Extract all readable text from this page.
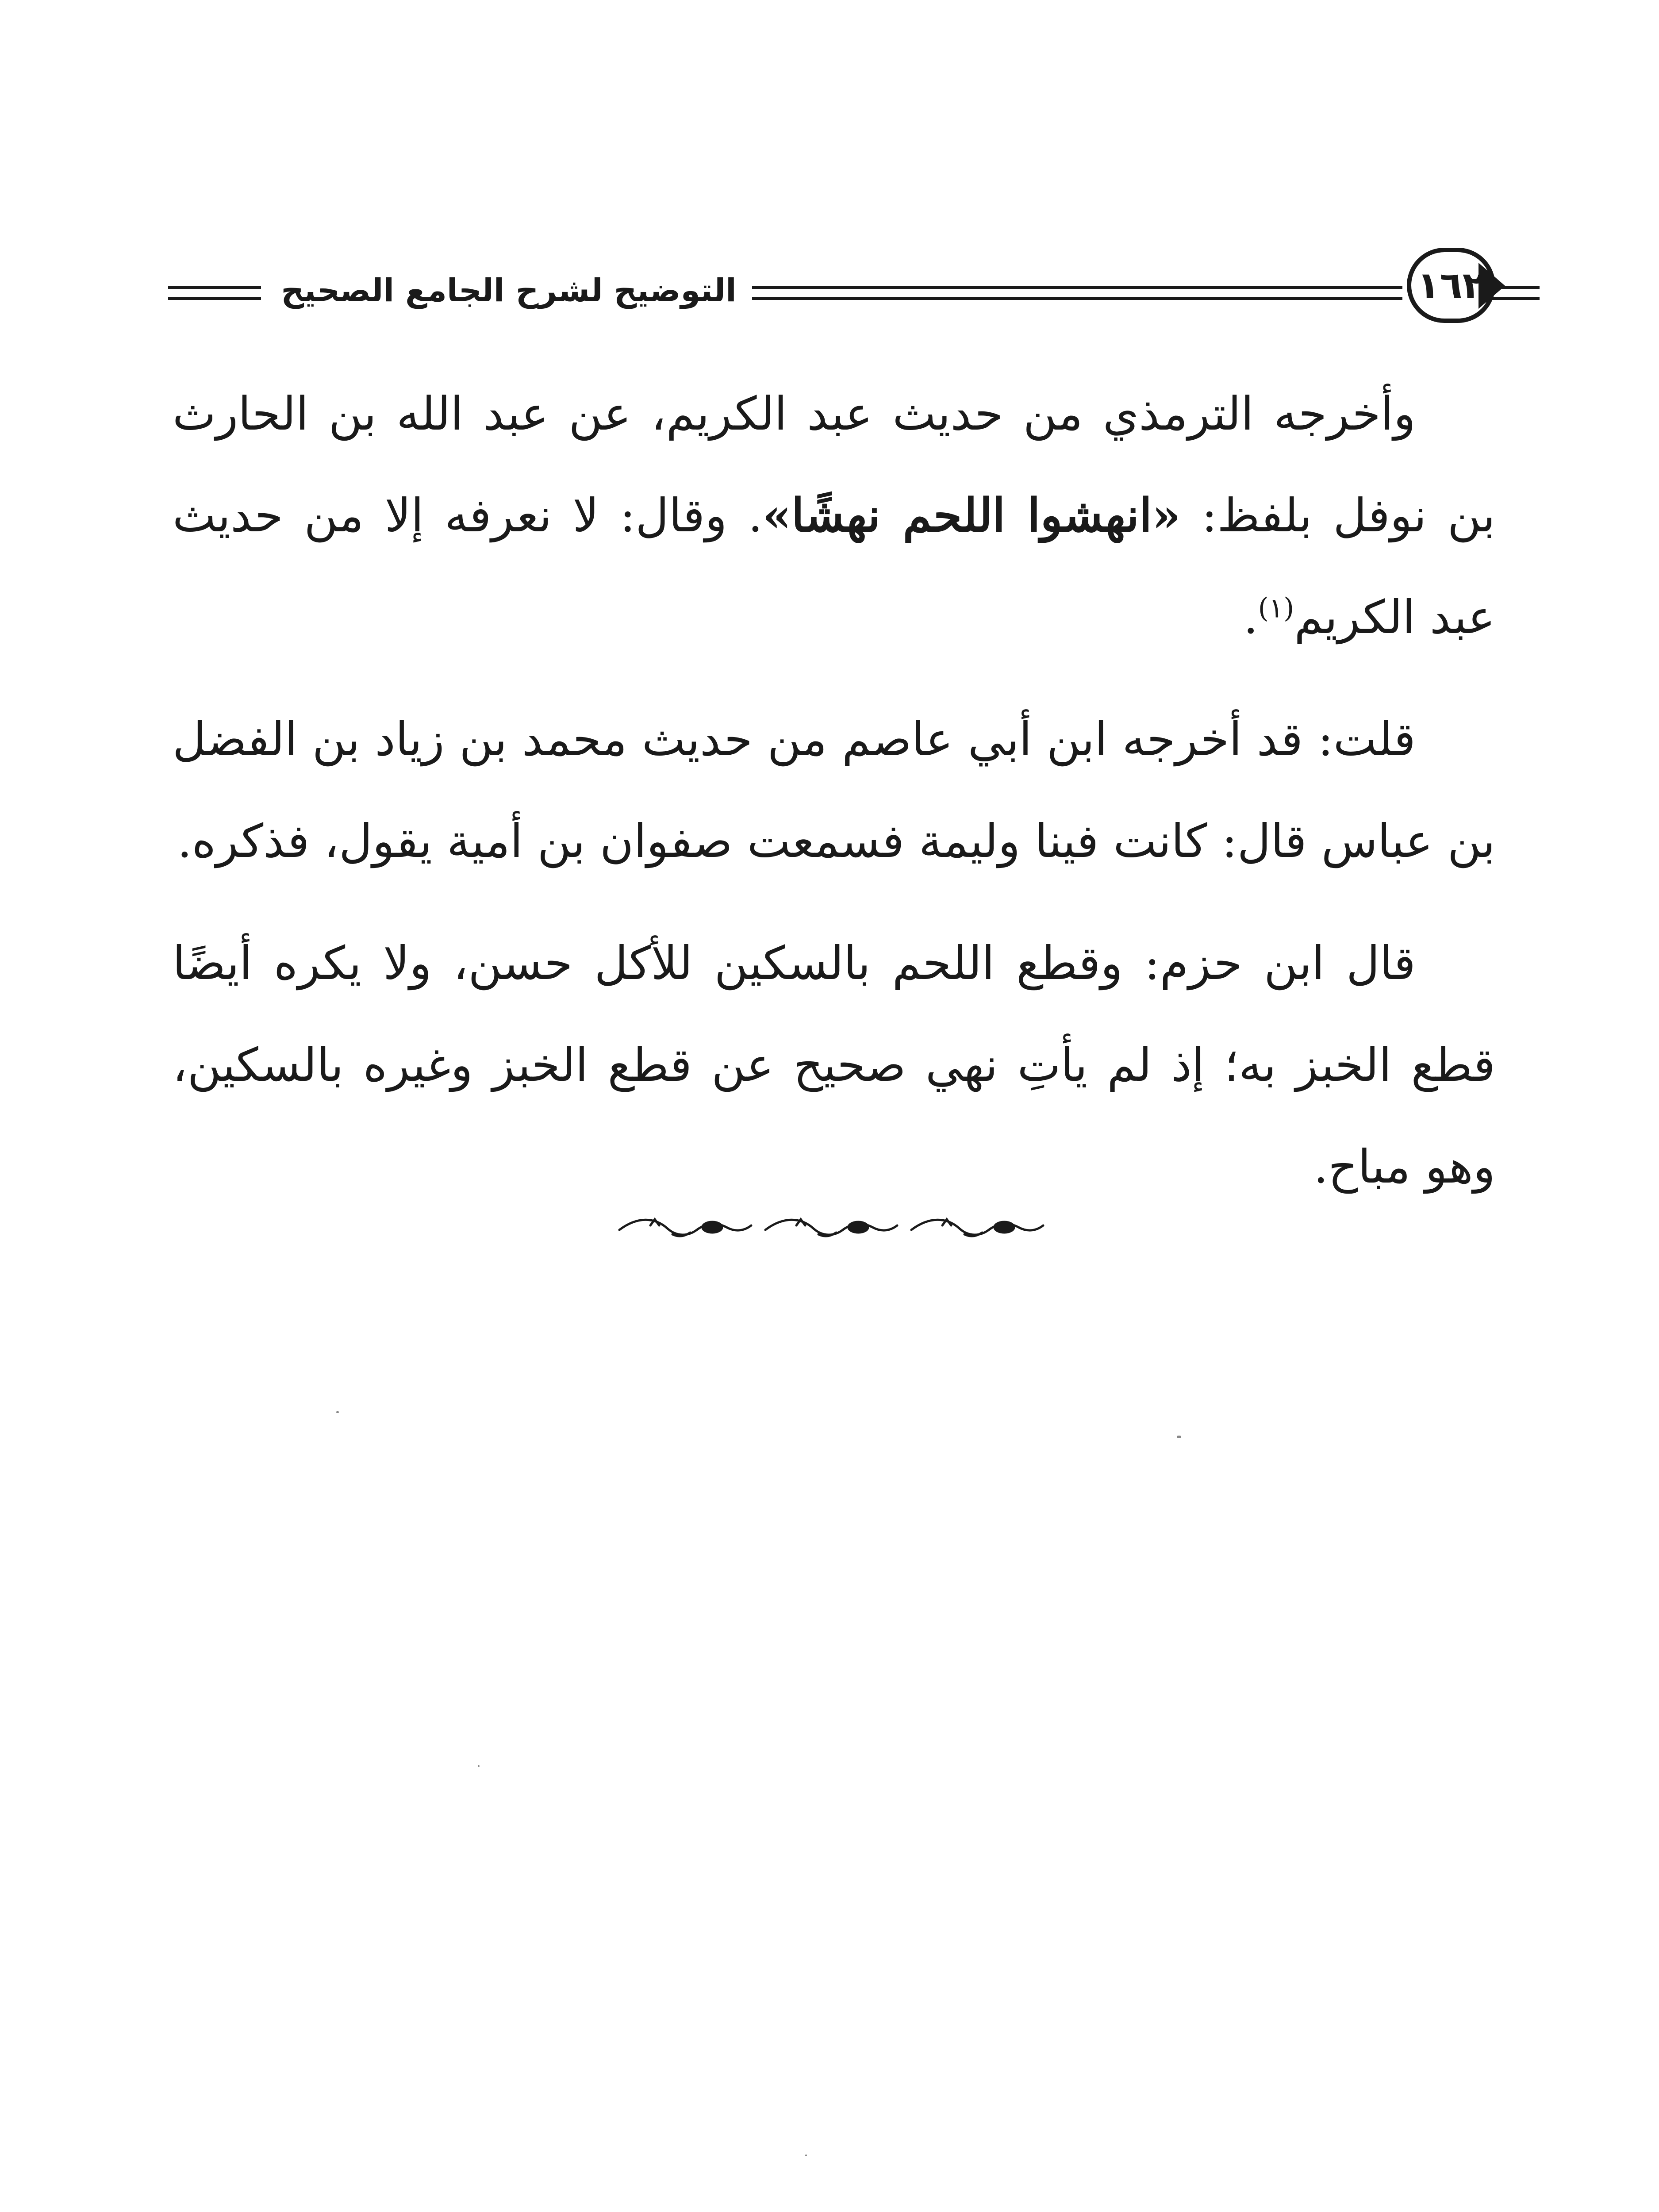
التوضيح لشرح الجامع الصحيح	١٦٢

وأخرجه الترمذي من حديث عبد الكريم، عن عبد الله بن الحارث بن نوفل بلفظ: «انهشوا اللحم نهشًا». وقال: لا نعرفه إلا من حديث عبد الكريم$^{(١)}$.

قلت: قد أخرجه ابن أبي عاصم من حديث محمد بن زياد بن الفضل بن عباس قال: كانت فينا وليمة فسمعت صفوان بن أمية يقول، فذكره.

قال ابن حزم: وقطع اللحم بالسكين للأكل حسن، ولا يكره أيضًا قطع الخبز به؛ إذ لم يأتِ نهي صحيح عن قطع الخبز وغيره بالسكين، وهو مباح.
